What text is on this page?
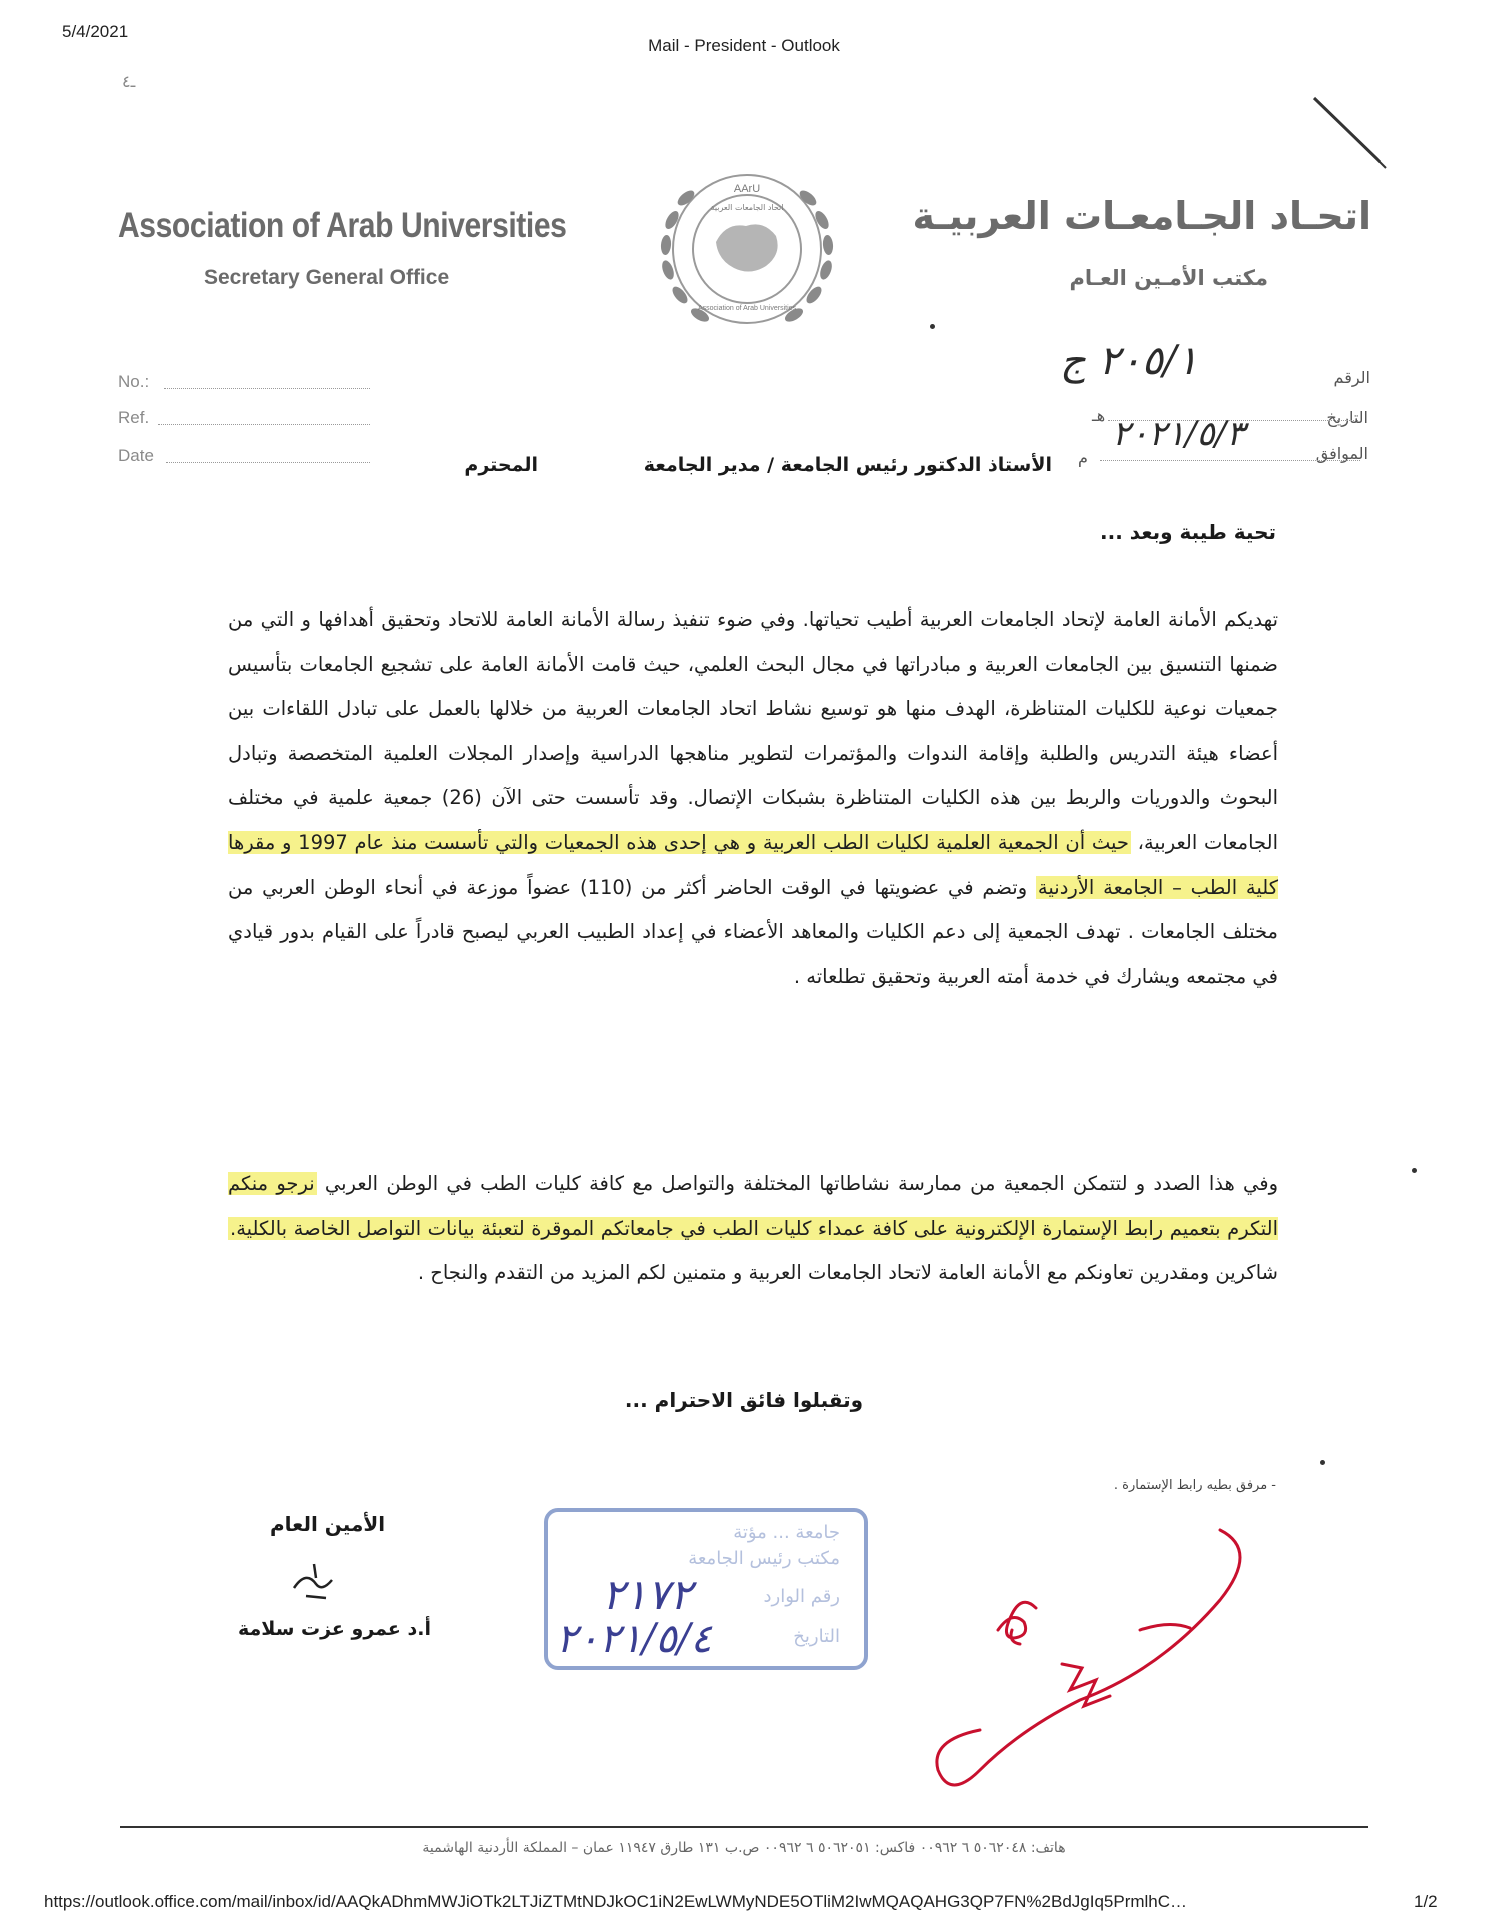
5/4/2021
Mail - President - Outlook
ـ٤
Association of Arab Universities
Secretary General Office
اتحـاد الجـامعـات العربيـة
مكتب الأمـين العـام
AArU
اتحاد الجامعات العربية
Association of Arab Universities
No.:
Ref.
Date
الرقم
التاريخ
الموافق
هـ
م
٢٠٥/١ ج
٢٠٢١/٥/٣
الأستاذ الدكتور رئيس الجامعة / مدير الجامعة
المحترم
تحية طيبة وبعد ...
تهديكم الأمانة العامة لإتحاد الجامعات العربية أطيب تحياتها. وفي ضوء تنفيذ رسالة الأمانة العامة للاتحاد وتحقيق أهدافها و التي من ضمنها التنسيق بين الجامعات العربية و مبادراتها في مجال البحث العلمي، حيث قامت الأمانة العامة على تشجيع الجامعات بتأسيس جمعيات نوعية للكليات المتناظرة، الهدف منها هو توسيع نشاط اتحاد الجامعات العربية من خلالها بالعمل على تبادل اللقاءات بين أعضاء هيئة التدريس والطلبة وإقامة الندوات والمؤتمرات لتطوير مناهجها الدراسية وإصدار المجلات العلمية المتخصصة وتبادل البحوث والدوريات والربط بين هذه الكليات المتناظرة بشبكات الإتصال. وقد تأسست حتى الآن (26) جمعية علمية في مختلف الجامعات العربية، حيث أن الجمعية العلمية لكليات الطب العربية و هي إحدى هذه الجمعيات والتي تأسست منذ عام 1997 و مقرها كلية الطب – الجامعة الأردنية وتضم في عضويتها في الوقت الحاضر أكثر من (110) عضواً موزعة في أنحاء الوطن العربي من مختلف الجامعات . تهدف الجمعية إلى دعم الكليات والمعاهد الأعضاء في إعداد الطبيب العربي ليصبح قادراً على القيام بدور قيادي في مجتمعه ويشارك في خدمة أمته العربية وتحقيق تطلعاته .
وفي هذا الصدد و لتتمكن الجمعية من ممارسة نشاطاتها المختلفة والتواصل مع كافة كليات الطب في الوطن العربي نرجو منكم التكرم بتعميم رابط الإستمارة الإلكترونية على كافة عمداء كليات الطب في جامعاتكم الموقرة لتعبئة بيانات التواصل الخاصة بالكلية. شاكرين ومقدرين تعاونكم مع الأمانة العامة لاتحاد الجامعات العربية و متمنين لكم المزيد من التقدم والنجاح .
وتقبلوا فائق الاحترام ...
- مرفق بطيه رابط الإستمارة .
الأمين العام
أ.د عمرو عزت سلامة
جامعة ... مؤتة
مكتب رئيس الجامعة
رقم الوارد
التاريخ
٢١٧٢
٢٠٢١/٥/٤
هاتف: ٥٠٦٢٠٤٨ ٦ ٠٠٩٦٢ فاكس: ٥٠٦٢٠٥١ ٦ ٠٠٩٦٢ ص.ب ١٣١ طارق ١١٩٤٧ عمان – المملكة الأردنية الهاشمية
https://outlook.office.com/mail/inbox/id/AAQkADhmMWJiOTk2LTJiZTMtNDJkOC1iN2EwLWMyNDE5OTliM2IwMQAQAHG3QP7FN%2BdJgIq5PrmlhC…	1/2
